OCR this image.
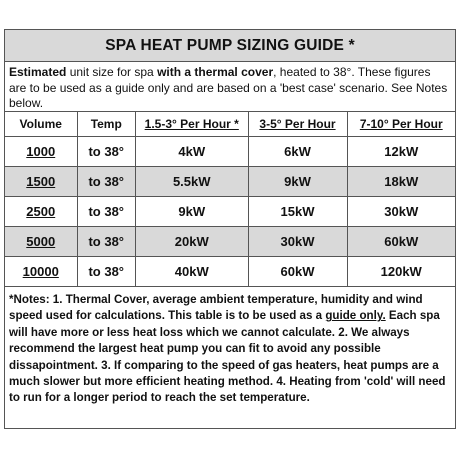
SPA HEAT PUMP SIZING GUIDE *
Estimated unit size for spa with a thermal cover, heated to 38°. These figures are to be used as a guide only and are based on a 'best case' scenario. See Notes below.
Volume	Temp	1.5-3° Per Hour *	3-5° Per Hour	7-10° Per Hour
1000	to 38°	4kW	6kW	12kW
1500	to 38°	5.5kW	9kW	18kW
2500	to 38°	9kW	15kW	30kW
5000	to 38°	20kW	30kW	60kW
10000	to 38°	40kW	60kW	120kW
*Notes: 1. Thermal Cover, average ambient temperature, humidity and wind speed used for calculations. This table is to be used as a guide only. Each spa will have more or less heat loss which we cannot calculate. 2. We always recommend the largest heat pump you can fit to avoid any possible dissapointment. 3. If comparing to the speed of gas heaters, heat pumps are a much slower but more efficient heating method. 4. Heating from 'cold' will need to run for a longer period to reach the set temperature.
